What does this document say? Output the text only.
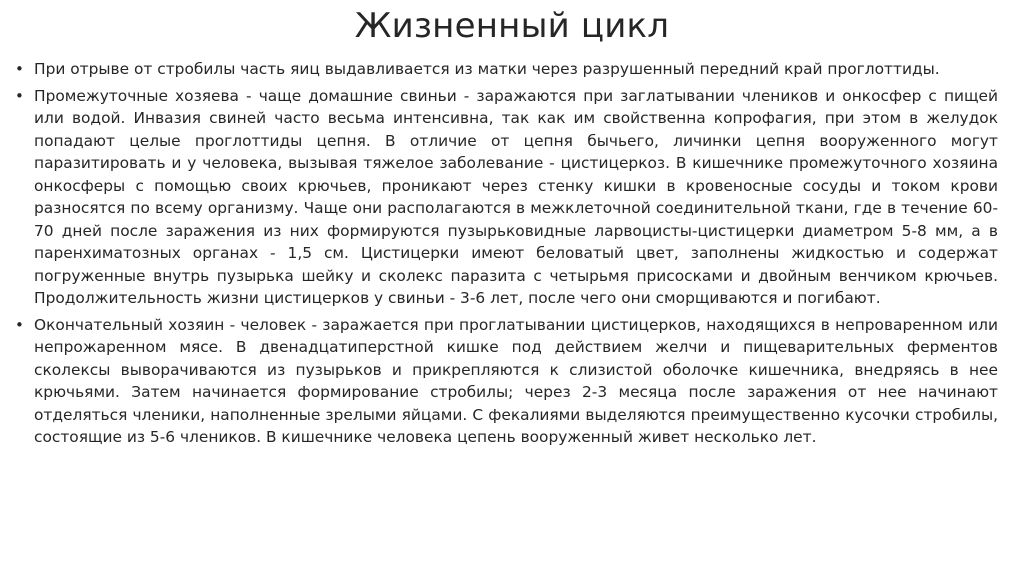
Жизненный цикл
• При отрыве от стробилы часть яиц выдавливается из матки через разрушенный передний край проглоттиды.
• Промежуточные хозяева - чаще домашние свиньи - заражаются при заглатывании члеников и онкосфер с пищей или водой. Инвазия свиней часто весьма интенсивна, так как им свойственна копрофагия, при этом в желудок попадают целые проглоттиды цепня. В отличие от цепня бычьего, личинки цепня вооруженного могут паразитировать и у человека, вызывая тяжелое заболевание - цистицеркоз. В кишечнике промежуточного хозяина онкосферы с помощью своих крючьев, проникают через стенку кишки в кровеносные сосуды и током крови разносятся по всему организму. Чаще они располагаются в межклеточной соединительной ткани, где в течение 60-70 дней после заражения из них формируются пузырьковидные ларвоцисты-цистицерки диаметром 5-8 мм, а в паренхиматозных органах - 1,5 см. Цистицерки имеют беловатый цвет, заполнены жидкостью и содержат погруженные внутрь пузырька шейку и сколекс паразита с четырьмя присосками и двойным венчиком крючьев. Продолжительность жизни цистицерков у свиньи - 3-6 лет, после чего они сморщиваются и погибают.
• Окончательный хозяин - человек - заражается при проглатывании цистицерков, находящихся в непроваренном или непрожаренном мясе. В двенадцатиперстной кишке под действием желчи и пищеварительных ферментов сколексы выворачиваются из пузырьков и прикрепляются к слизистой оболочке кишечника, внедряясь в нее крючьями. Затем начинается формирование стробилы; через 2-3 месяца после заражения от нее начинают отделяться членики, наполненные зрелыми яйцами. С фекалиями выделяются преимущественно кусочки стробилы, состоящие из 5-6 члеников. В кишечнике человека цепень вооруженный живет несколько лет.
